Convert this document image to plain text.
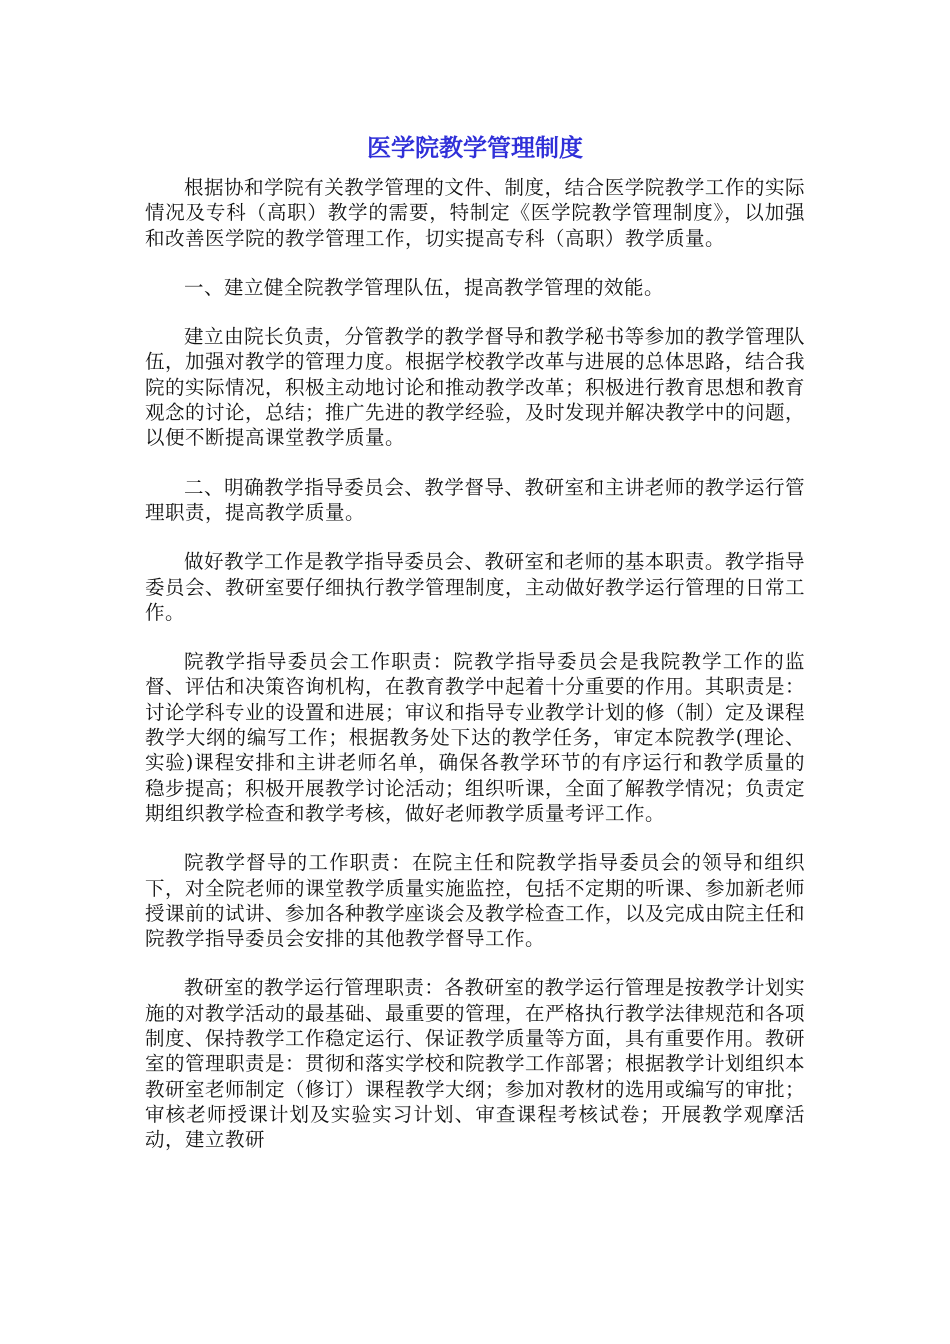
医学院教学管理制度

根据协和学院有关教学管理的文件、制度，结合医学院教学工作的实际情况及专科（高职）教学的需要，特制定《医学院教学管理制度》，以加强和改善医学院的教学管理工作，切实提高专科（高职）教学质量。

一、建立健全院教学管理队伍，提高教学管理的效能。

建立由院长负责，分管教学的教学督导和教学秘书等参加的教学管理队伍，加强对教学的管理力度。根据学校教学改革与进展的总体思路，结合我院的实际情况，积极主动地讨论和推动教学改革；积极进行教育思想和教育观念的讨论，总结；推广先进的教学经验，及时发现并解决教学中的问题，以便不断提高课堂教学质量。

二、明确教学指导委员会、教学督导、教研室和主讲老师的教学运行管理职责，提高教学质量。

做好教学工作是教学指导委员会、教研室和老师的基本职责。教学指导委员会、教研室要仔细执行教学管理制度，主动做好教学运行管理的日常工作。

院教学指导委员会工作职责：院教学指导委员会是我院教学工作的监督、评估和决策咨询机构，在教育教学中起着十分重要的作用。其职责是：讨论学科专业的设置和进展；审议和指导专业教学计划的修（制）定及课程教学大纲的编写工作；根据教务处下达的教学任务，审定本院教学(理论、实验)课程安排和主讲老师名单，确保各教学环节的有序运行和教学质量的稳步提高；积极开展教学讨论活动；组织听课，全面了解教学情况；负责定期组织教学检查和教学考核，做好老师教学质量考评工作。

院教学督导的工作职责：在院主任和院教学指导委员会的领导和组织下，对全院老师的课堂教学质量实施监控，包括不定期的听课、参加新老师授课前的试讲、参加各种教学座谈会及教学检查工作，以及完成由院主任和院教学指导委员会安排的其他教学督导工作。

教研室的教学运行管理职责：各教研室的教学运行管理是按教学计划实施的对教学活动的最基础、最重要的管理，在严格执行教学法律规范和各项制度、保持教学工作稳定运行、保证教学质量等方面，具有重要作用。教研室的管理职责是：贯彻和落实学校和院教学工作部署；根据教学计划组织本教研室老师制定（修订）课程教学大纲；参加对教材的选用或编写的审批；审核老师授课计划及实验实习计划、审查课程考核试卷；开展教学观摩活动，建立教研
